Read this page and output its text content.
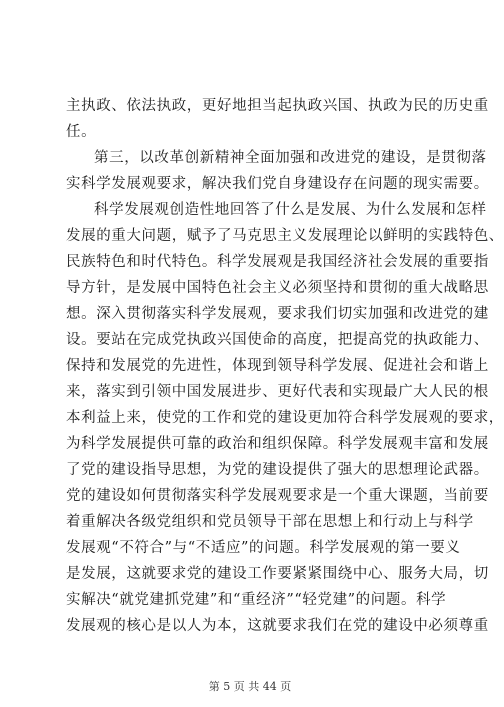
主执政、依法执政，更好地担当起执政兴国、执政为民的历史重
任。
第三，以改革创新精神全面加强和改进党的建设，是贯彻落
实科学发展观要求，解决我们党自身建设存在问题的现实需要。
科学发展观创造性地回答了什么是发展、为什么发展和怎样
发展的重大问题，赋予了马克思主义发展理论以鲜明的实践特色、
民族特色和时代特色。科学发展观是我国经济社会发展的重要指
导方针，是发展中国特色社会主义必须坚持和贯彻的重大战略思
想。深入贯彻落实科学发展观，要求我们切实加强和改进党的建
设。要站在完成党执政兴国使命的高度，把提高党的执政能力、
保持和发展党的先进性，体现到领导科学发展、促进社会和谐上
来，落实到引领中国发展进步、更好代表和实现最广大人民的根
本利益上来，使党的工作和党的建设更加符合科学发展观的要求，
为科学发展提供可靠的政治和组织保障。科学发展观丰富和发展
了党的建设指导思想，为党的建设提供了强大的思想理论武器。
党的建设如何贯彻落实科学发展观要求是一个重大课题，当前要
着重解决各级党组织和党员领导干部在思想上和行动上与科学
发展观“不符合”与“不适应”的问题。科学发展观的第一要义
是发展，这就要求党的建设工作要紧紧围绕中心、服务大局，切
实解决“就党建抓党建”和“重经济”“轻党建”的问题。科学
发展观的核心是以人为本，这就要求我们在党的建设中必须尊重
第 5 页 共 44 页
